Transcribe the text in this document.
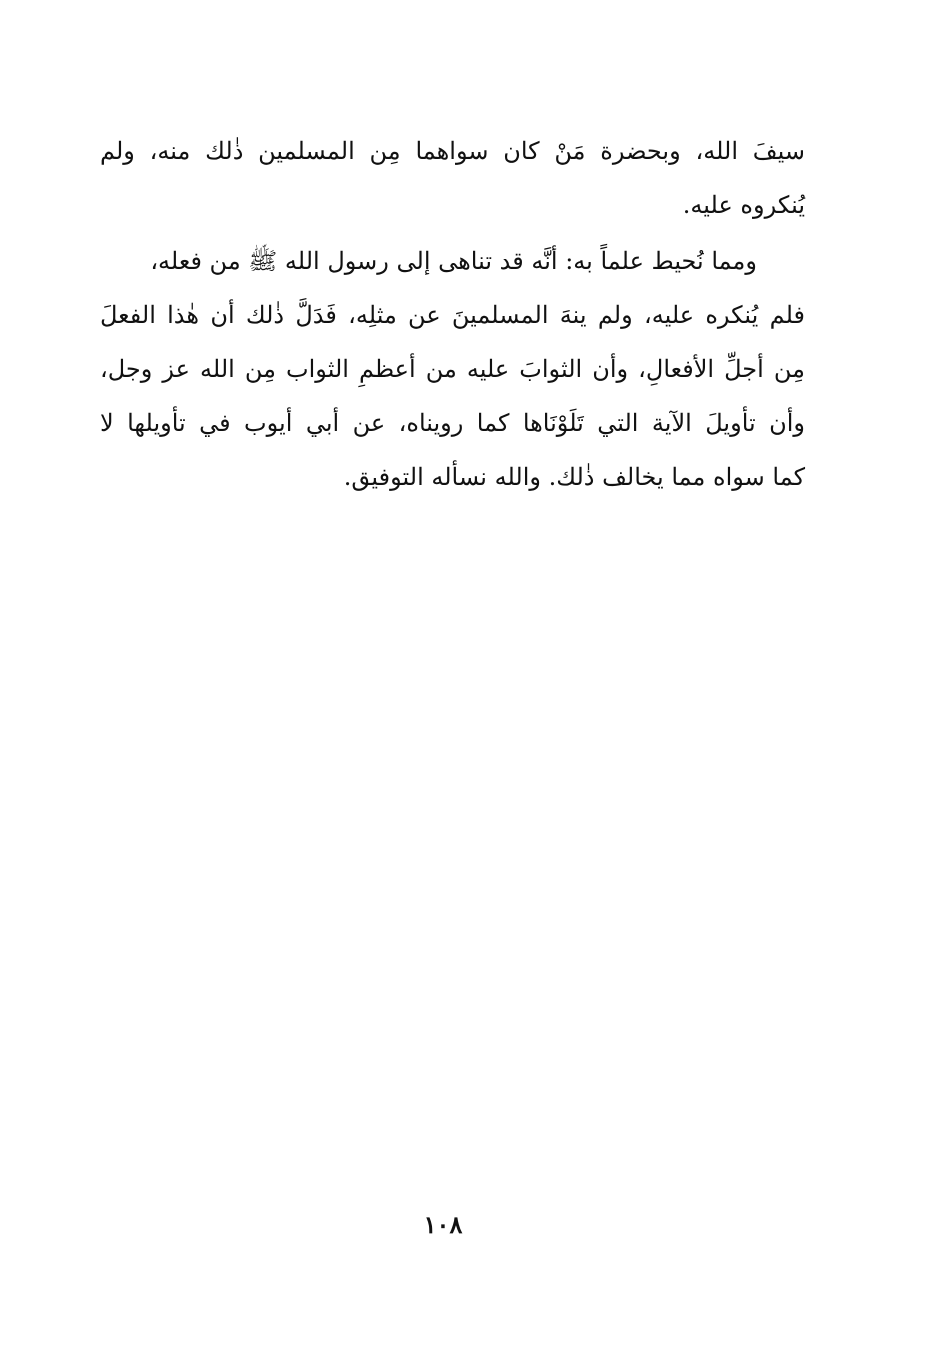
سيفَ الله، وبحضرة مَنْ كان سواهما مِن المسلمين ذٰلك منه، ولم
يُنكروه عليه.
ومما نُحيط علماً به: أنَّه قد تناهى إلى رسول الله ﷺ من فعله،
فلم يُنكره عليه، ولم ينهَ المسلمينَ عن مثلِه، فَدَلَّ ذٰلك أن هٰذا الفعلَ
مِن أجلِّ الأفعالِ، وأن الثوابَ عليه من أعظمِ الثواب مِن الله عز وجل،
وأن تأويلَ الآية التي تَلَوْنَاها كما رويناه، عن أبي أيوب في تأويلها لا
كما سواه مما يخالف ذٰلك. والله نسأله التوفيق.
١٠٨
